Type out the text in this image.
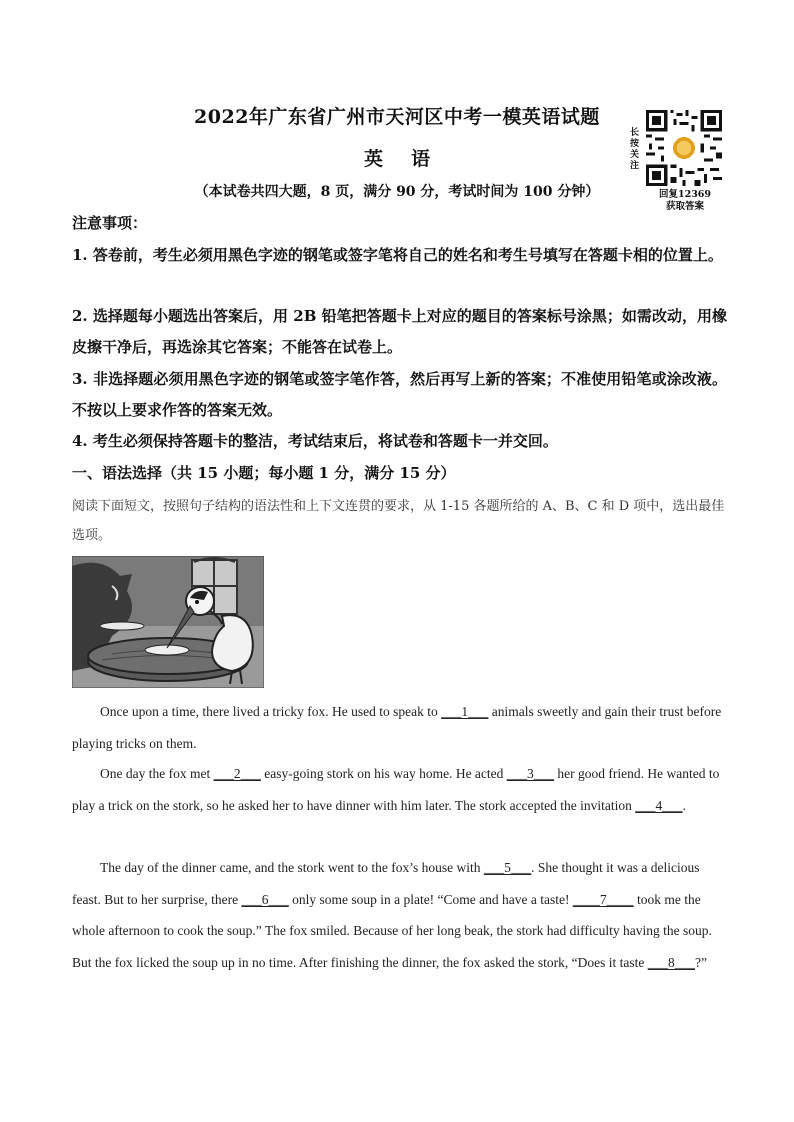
2022年广东省广州市天河区中考一模英语试题
英语
（本试卷共四大题，8 页，满分 90 分，考试时间为 100 分钟）
长按关注
回复12369
获取答案
注意事项：
1. 答卷前，考生必须用黑色字迹的钢笔或签字笔将自己的姓名和考生号填写在答题卡相的位置上。
2. 选择题每小题选出答案后，用 2B 铅笔把答题卡上对应的题目的答案标号涂黑；如需改动，用橡皮擦干净后，再选涂其它答案；不能答在试卷上。
3. 非选择题必须用黑色字迹的钢笔或签字笔作答，然后再写上新的答案；不准使用铅笔或涂改液。不按以上要求作答的答案无效。
4. 考生必须保持答题卡的整洁，考试结束后，将试卷和答题卡一并交回。
一、语法选择（共 15 小题；每小题 1 分，满分 15 分）
阅读下面短文，按照句子结构的语法性和上下文连贯的要求，从 1-15 各题所给的 A、B、C 和 D 项中，选出最佳选项。
Once upon a time, there lived a tricky fox. He used to speak to ___1___ animals sweetly and gain their trust before playing tricks on them.
One day the fox met ___2___ easy-going stork on his way home. He acted ___3___ her good friend. He wanted to play a trick on the stork, so he asked her to have dinner with him later. The stork accepted the invitation ___4___.
The day of the dinner came, and the stork went to the fox’s house with ___5___. She thought it was a delicious feast. But to her surprise, there ___6___ only some soup in a plate! “Come and have a taste! ____7____ took me the whole afternoon to cook the soup.” The fox smiled. Because of her long beak, the stork had difficulty having the soup. But the fox licked the soup up in no time. After finishing the dinner, the fox asked the stork, “Does it taste ___8___?”
